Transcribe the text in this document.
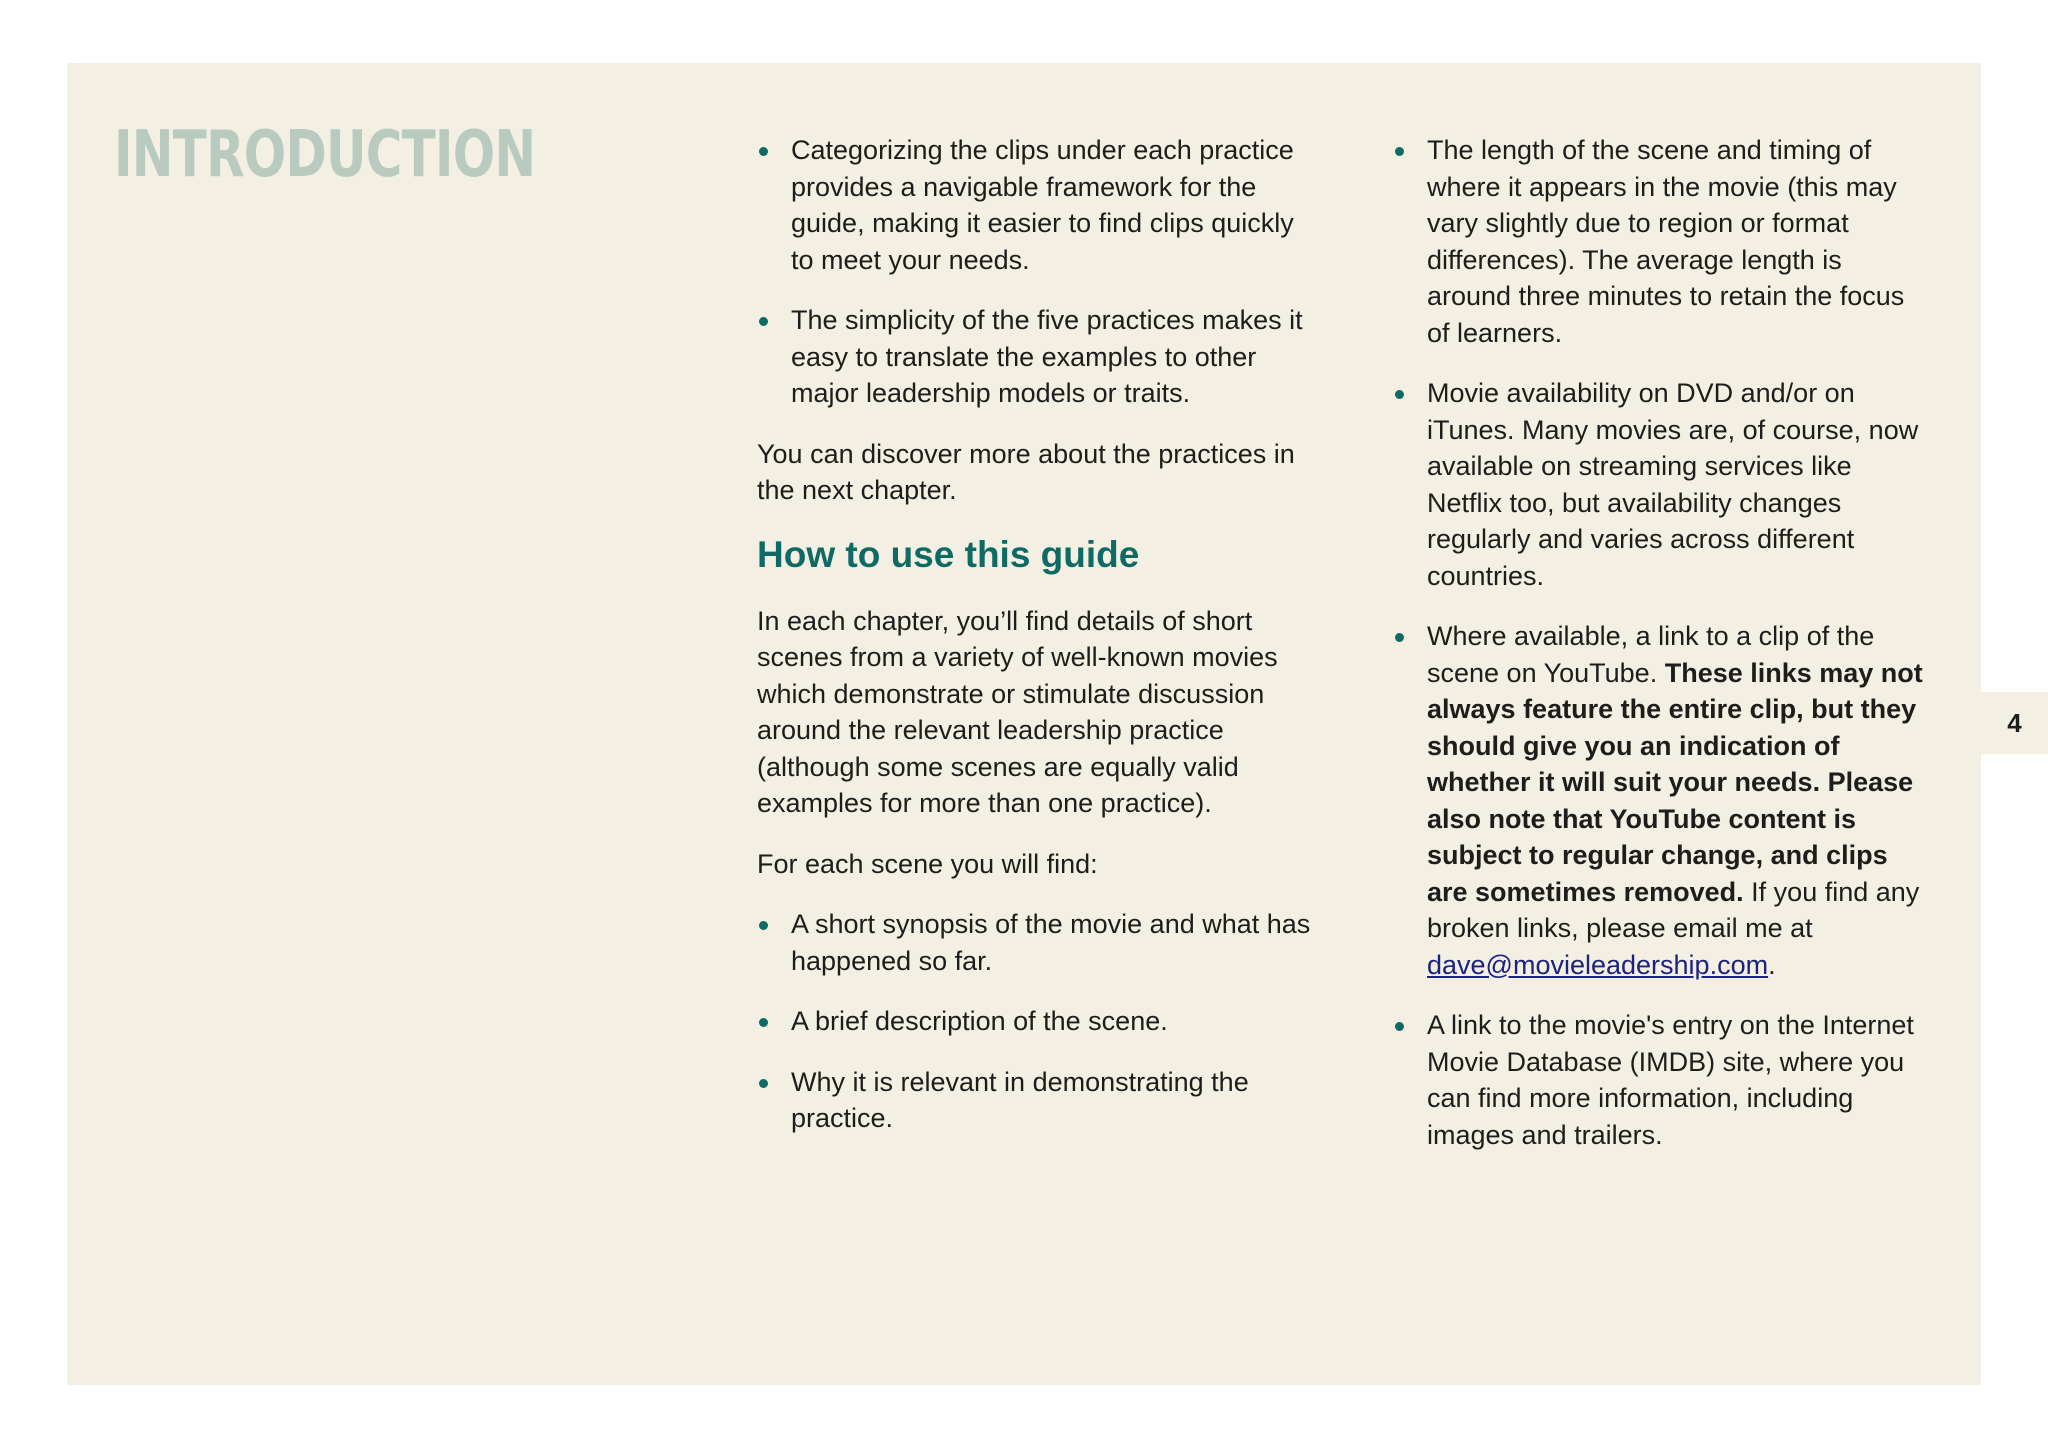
INTRODUCTION	Categorizing the clips under each practice provides a navigable framework for the guide, making it easier to find clips quickly to meet your needs.
The simplicity of the five practices makes it easy to translate the examples to other major leadership models or traits.

You can discover more about the practices in the next chapter.

How to use this guide

In each chapter, you’ll find details of short scenes from a variety of well-known movies which demonstrate or stimulate discussion around the relevant leadership practice (although some scenes are equally valid examples for more than one practice).

For each scene you will find:

A short synopsis of the movie and what has happened so far.
A brief description of the scene.
Why it is relevant in demonstrating the practice.
The length of the scene and timing of where it appears in the movie (this may vary slightly due to region or format differences). The average length is around three minutes to retain the focus of learners.
Movie availability on DVD and/or on iTunes. Many movies are, of course, now available on streaming services like Netflix too, but availability changes regularly and varies across different countries.
Where available, a link to a clip of the scene on YouTube. These links may not always feature the entire clip, but they should give you an indication of whether it will suit your needs. Please also note that YouTube content is subject to regular change, and clips are sometimes removed. If you find any broken links, please email me at dave@movieleadership.com.
A link to the movie's entry on the Internet Movie Database (IMDB) site, where you can find more information, including images and trailers.
4
